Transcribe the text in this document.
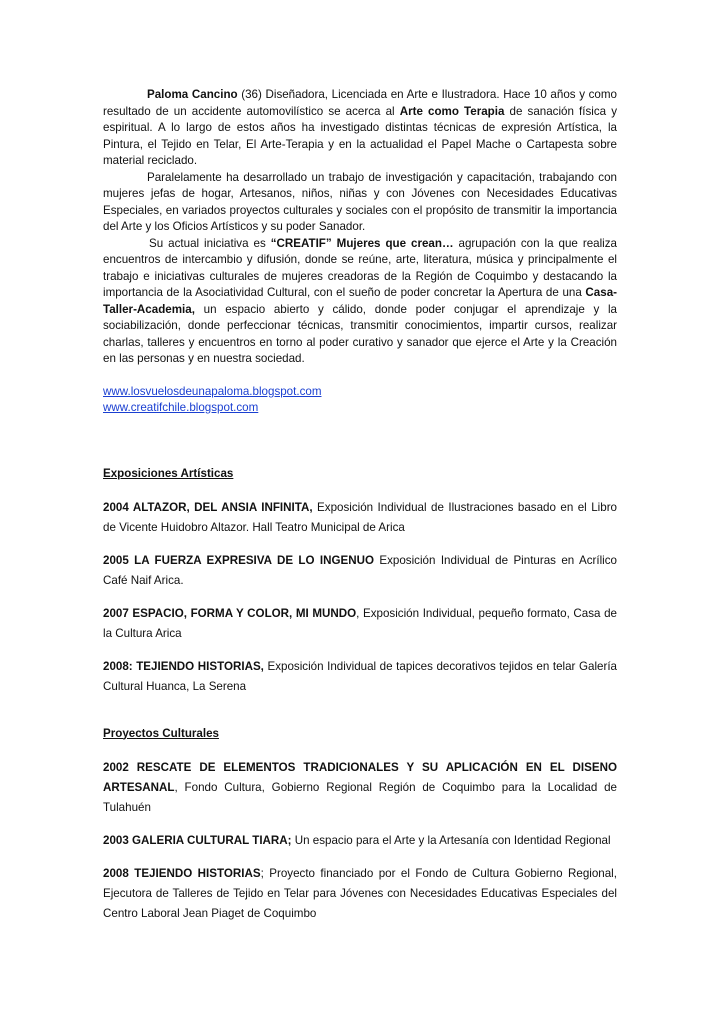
Paloma Cancino (36) Diseñadora, Licenciada en Arte e Ilustradora. Hace 10 años y como resultado de un accidente automovilístico se acerca al Arte como Terapia de sanación física y espiritual. A lo largo de estos años ha investigado distintas técnicas de expresión Artística, la Pintura, el Tejido en Telar, El Arte-Terapia y en la actualidad el Papel Mache o Cartapesta sobre material reciclado.

Paralelamente ha desarrollado un trabajo de investigación y capacitación, trabajando con mujeres jefas de hogar, Artesanos, niños, niñas y con Jóvenes con Necesidades Educativas Especiales, en variados proyectos culturales y sociales con el propósito de transmitir la importancia del Arte y los Oficios Artísticos y su poder Sanador.

Su actual iniciativa es “CREATIF” Mujeres que crean… agrupación con la que realiza encuentros de intercambio y difusión, donde se reúne, arte, literatura, música y principalmente el trabajo e iniciativas culturales de mujeres creadoras de la Región de Coquimbo y destacando la importancia de la Asociatividad Cultural, con el sueño de poder concretar la Apertura de una Casa-Taller-Academia, un espacio abierto y cálido, donde poder conjugar el aprendizaje y la sociabilización, donde perfeccionar técnicas, transmitir conocimientos, impartir cursos, realizar charlas, talleres y encuentros en torno al poder curativo y sanador que ejerce el Arte y la Creación en las personas y en nuestra sociedad.

www.losvuelosdeunapaloma.blogspot.com
www.creatifchile.blogspot.com

Exposiciones Artísticas

2004 ALTAZOR, DEL ANSIA INFINITA, Exposición Individual de Ilustraciones basado en el Libro de Vicente Huidobro Altazor. Hall Teatro Municipal de Arica

2005 LA FUERZA EXPRESIVA DE LO INGENUO Exposición Individual de Pinturas en Acrílico Café Naif Arica.

2007 ESPACIO, FORMA Y COLOR, MI MUNDO, Exposición Individual, pequeño formato, Casa de la Cultura Arica

2008: TEJIENDO HISTORIAS, Exposición Individual de tapices decorativos tejidos en telar Galería Cultural Huanca, La Serena

Proyectos Culturales

2002 RESCATE DE ELEMENTOS TRADICIONALES Y SU APLICACIÓN EN EL DISENO ARTESANAL, Fondo Cultura, Gobierno Regional Región de Coquimbo para la Localidad de Tulahuén

2003 GALERIA CULTURAL TIARA; Un espacio para el Arte y la Artesanía con Identidad Regional

2008 TEJIENDO HISTORIAS; Proyecto financiado por el Fondo de Cultura Gobierno Regional, Ejecutora de Talleres de Tejido en Telar para Jóvenes con Necesidades Educativas Especiales del Centro Laboral Jean Piaget de Coquimbo
